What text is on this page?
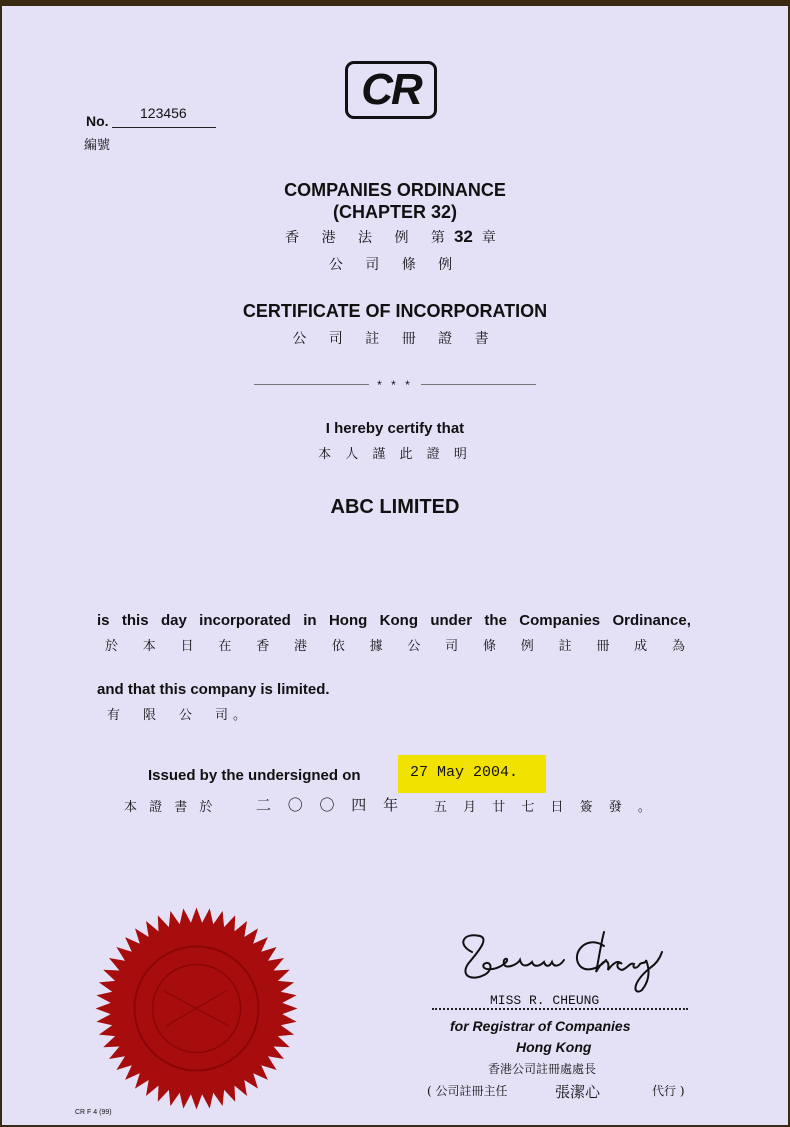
CR
No. 123456
編號
COMPANIES ORDINANCE
(CHAPTER 32)
香 港 法 例 第32 章
公 司 條 例
CERTIFICATE OF INCORPORATION
公 司 註 冊 證 書
* * *
I hereby certify that
本 人 謹 此 證 明
ABC LIMITED
is this day incorporated in Hong Kong under the Companies Ordinance,
於 本 日 在 香 港 依 據 公 司 條 例 註 冊 成 為
and that this company is limited.
有　限　公　司。
Issued by the undersigned on	27 May 2004.
本 證 書 於	二 〇 〇 四 年 五 月 廿 七 日 簽 發 。
MISS R. CHEUNG
for Registrar of Companies
Hong Kong
香港公司註冊處處長
( 公司註冊主任	張潔心	代行 )
CR F 4 (99)
